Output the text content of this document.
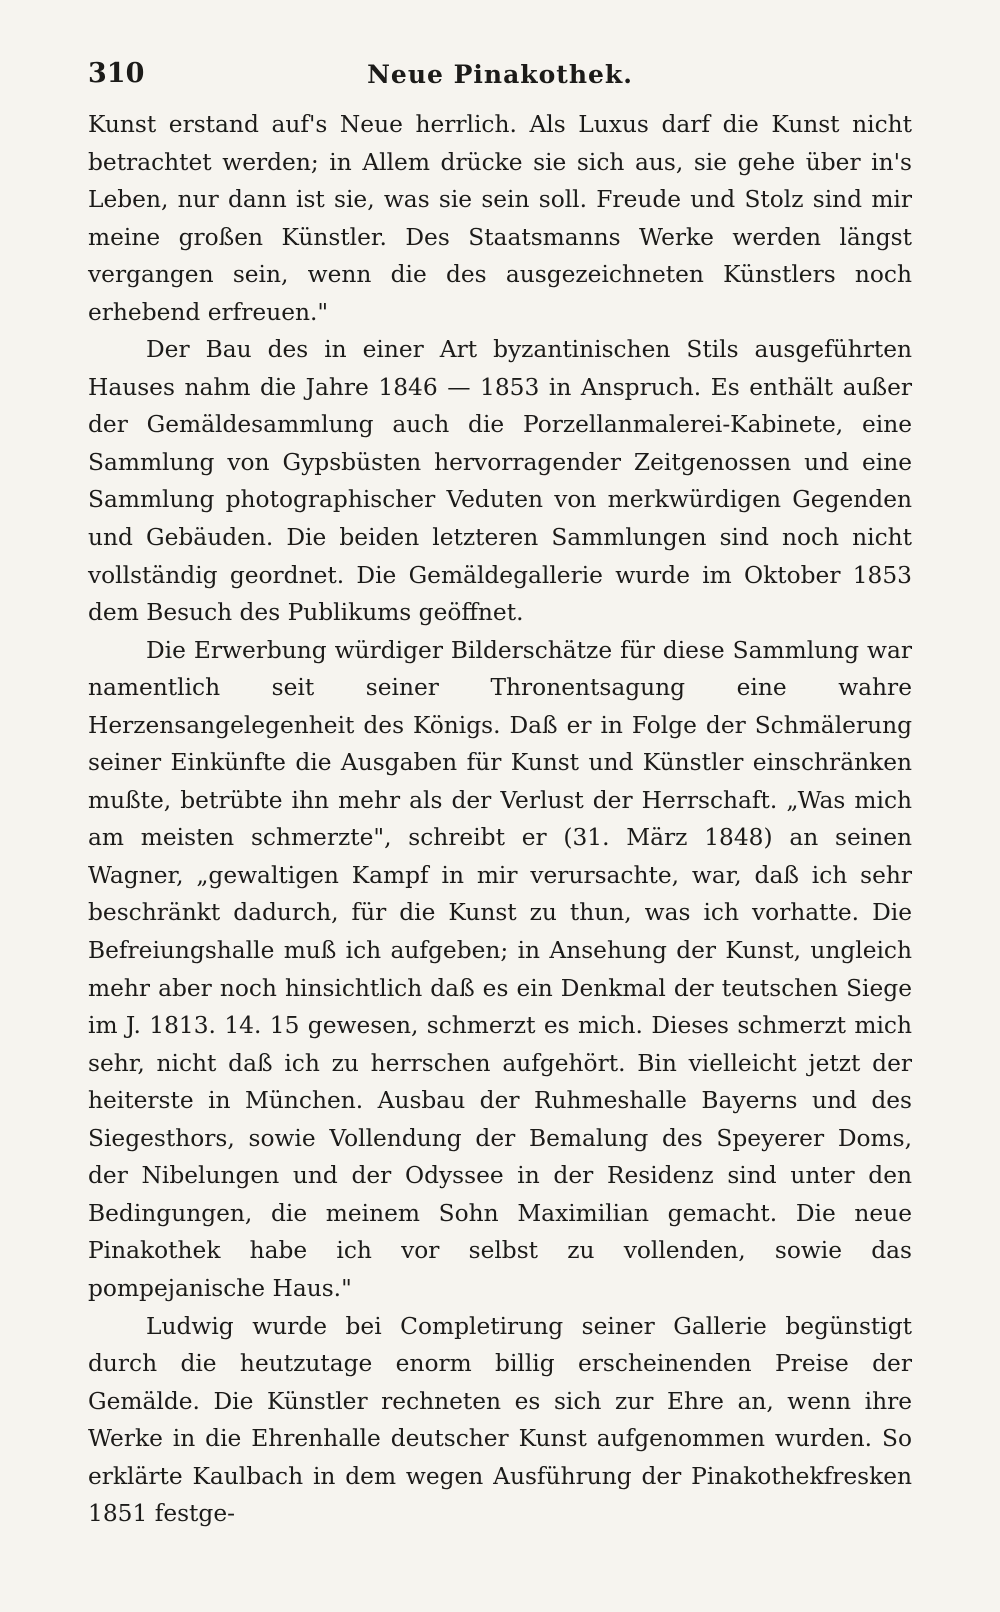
310	Neue Pinakothek.

Kunst erstand auf's Neue herrlich. Als Luxus darf die Kunst nicht betrachtet werden; in Allem drücke sie sich aus, sie gehe über in's Leben, nur dann ist sie, was sie sein soll. Freude und Stolz sind mir meine großen Künstler. Des Staatsmanns Werke werden längst vergangen sein, wenn die des ausgezeichneten Künstlers noch erhebend erfreuen."

Der Bau des in einer Art byzantinischen Stils ausgeführten Hauses nahm die Jahre 1846 — 1853 in Anspruch. Es enthält außer der Gemäldesammlung auch die Porzellanmalerei-Kabinete, eine Sammlung von Gypsbüsten hervorragender Zeitgenossen und eine Sammlung photographischer Veduten von merkwürdigen Gegenden und Gebäuden. Die beiden letzteren Sammlungen sind noch nicht vollständig geordnet. Die Gemäldegallerie wurde im Oktober 1853 dem Besuch des Publikums geöffnet.

Die Erwerbung würdiger Bilderschätze für diese Sammlung war namentlich seit seiner Thronentsagung eine wahre Herzensangelegenheit des Königs. Daß er in Folge der Schmälerung seiner Einkünfte die Ausgaben für Kunst und Künstler einschränken mußte, betrübte ihn mehr als der Verlust der Herrschaft. „Was mich am meisten schmerzte", schreibt er (31. März 1848) an seinen Wagner, „gewaltigen Kampf in mir verursachte, war, daß ich sehr beschränkt dadurch, für die Kunst zu thun, was ich vorhatte. Die Befreiungshalle muß ich aufgeben; in Ansehung der Kunst, ungleich mehr aber noch hinsichtlich daß es ein Denkmal der teutschen Siege im J. 1813. 14. 15 gewesen, schmerzt es mich. Dieses schmerzt mich sehr, nicht daß ich zu herrschen aufgehört. Bin vielleicht jetzt der heiterste in München. Ausbau der Ruhmeshalle Bayerns und des Siegesthors, sowie Vollendung der Bemalung des Speyerer Doms, der Nibelungen und der Odyssee in der Residenz sind unter den Bedingungen, die meinem Sohn Maximilian gemacht. Die neue Pinakothek habe ich vor selbst zu vollenden, sowie das pompejanische Haus."

Ludwig wurde bei Completirung seiner Gallerie begünstigt durch die heutzutage enorm billig erscheinenden Preise der Gemälde. Die Künstler rechneten es sich zur Ehre an, wenn ihre Werke in die Ehrenhalle deutscher Kunst aufgenommen wurden. So erklärte Kaulbach in dem wegen Ausführung der Pinakothekfresken 1851 festge-
